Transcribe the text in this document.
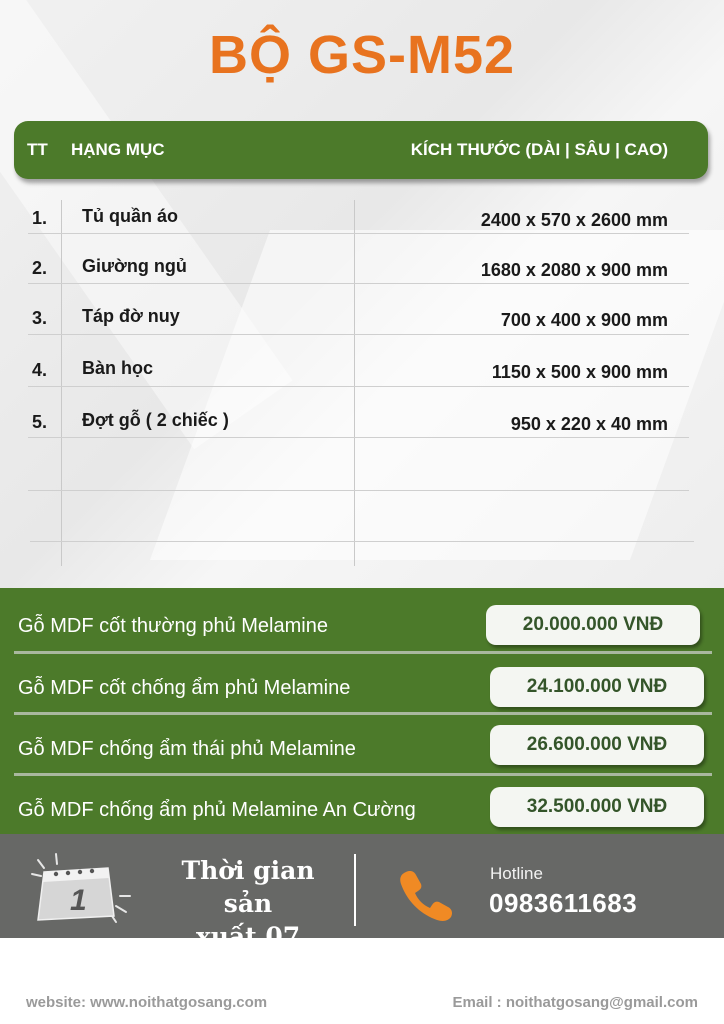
BỘ GS-M52
TT HẠNG MỤC	KÍCH THƯỚC (DÀI | SÂU | CAO)
1. Tủ quần áo	2400 x 570 x 2600 mm
2. Giường ngủ	1680 x 2080 x 900 mm
3. Táp đờ nuy	700 x 400 x 900 mm
4. Bàn học	1150 x 500 x 900 mm
5. Đợt gỗ ( 2 chiếc )	950 x 220 x 40 mm
Gỗ MDF cốt thường phủ Melamine	20.000.000 VNĐ
Gỗ MDF cốt chống ẩm phủ Melamine	24.100.000 VNĐ
Gỗ MDF chống ẩm thái phủ Melamine	26.600.000 VNĐ
Gỗ MDF chống ẩm phủ Melamine An Cường	32.500.000 VNĐ
1
Thời gian sản
xuất 07 ngày
Hotline
0983611683
website: www.noithatgosang.com	Email : noithatgosang@gmail.com
